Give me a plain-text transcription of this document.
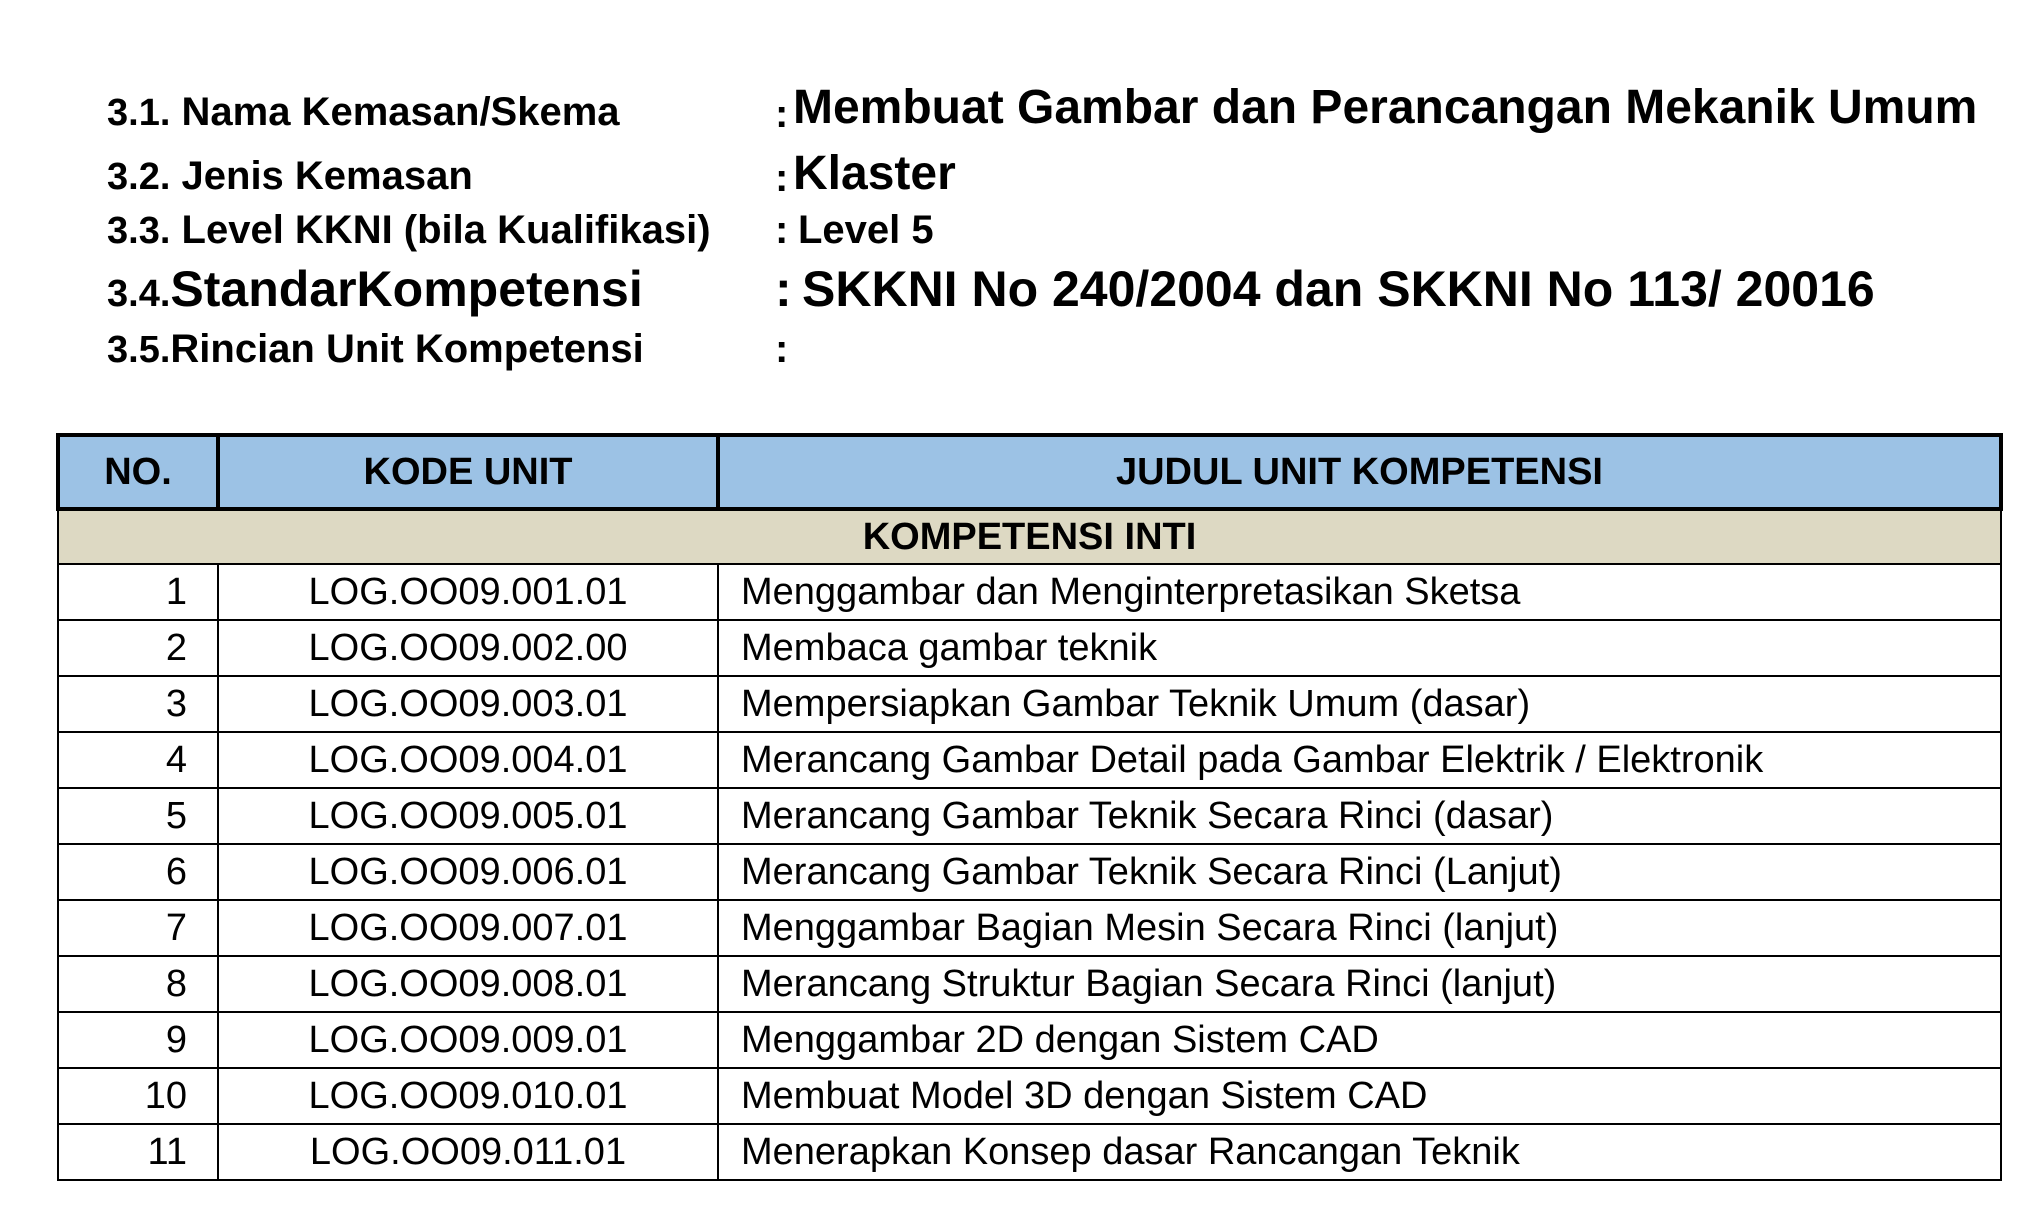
3.1. Nama Kemasan/Skema	: Membuat Gambar dan Perancangan Mekanik Umum
3.2. Jenis Kemasan	: Klaster
3.3. Level KKNI (bila Kualifikasi) : Level 5
3.4.StandarKompetensi	: SKKNI No 240/2004 dan SKKNI No 113/ 20016
3.5.Rincian Unit Kompetensi	:
NO.	KODE UNIT	JUDUL UNIT KOMPETENSI
KOMPETENSI INTI		
1	LOG.OO09.001.01	Menggambar dan Menginterpretasikan Sketsa
2	LOG.OO09.002.00	Membaca gambar teknik
3	LOG.OO09.003.01	Mempersiapkan Gambar Teknik Umum (dasar)
4	LOG.OO09.004.01	Merancang Gambar Detail pada Gambar Elektrik / Elektronik
5	LOG.OO09.005.01	Merancang Gambar Teknik Secara Rinci (dasar)
6	LOG.OO09.006.01	Merancang Gambar Teknik Secara Rinci (Lanjut)
7	LOG.OO09.007.01	Menggambar Bagian Mesin Secara Rinci (lanjut)
8	LOG.OO09.008.01	Merancang Struktur Bagian Secara Rinci (lanjut)
9	LOG.OO09.009.01	Menggambar 2D dengan Sistem CAD
10	LOG.OO09.010.01	Membuat Model 3D dengan Sistem CAD
11	LOG.OO09.011.01	Menerapkan Konsep dasar Rancangan Teknik
